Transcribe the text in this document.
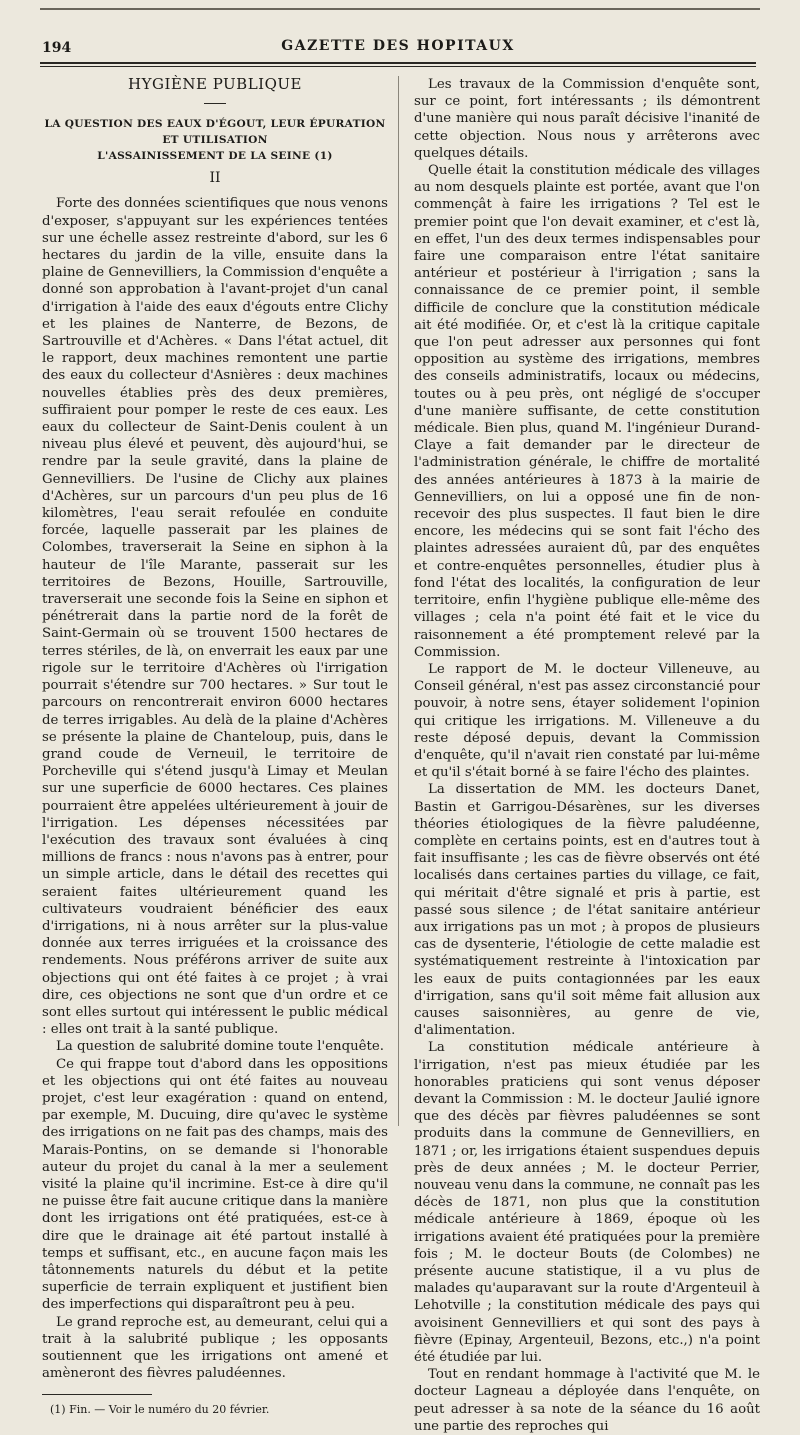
194	GAZETTE DES HOPITAUX
HYGIÈNE PUBLIQUE
LA QUESTION DES EAUX D'ÉGOUT, LEUR ÉPURATION ET UTILISATION
L'ASSAINISSEMENT DE LA SEINE (1)
II

Forte des données scientifiques que nous venons d'exposer, s'appuyant sur les expériences tentées sur une échelle assez restreinte d'abord, sur les 6 hectares du jardin de la ville, ensuite dans la plaine de Gennevilliers, la Commission d'enquête a donné son approbation à l'avant-projet d'un canal d'irrigation à l'aide des eaux d'égouts entre Clichy et les plaines de Nanterre, de Bezons, de Sartrouville et d'Achères. « Dans l'état actuel, dit le rapport, deux machines remontent une partie des eaux du collecteur d'Asnières : deux machines nouvelles établies près des deux premières, suffiraient pour pomper le reste de ces eaux. Les eaux du collecteur de Saint-Denis coulent à un niveau plus élevé et peuvent, dès aujourd'hui, se rendre par la seule gravité, dans la plaine de Gennevilliers. De l'usine de Clichy aux plaines d'Achères, sur un parcours d'un peu plus de 16 kilomètres, l'eau serait refoulée en conduite forcée, laquelle passerait par les plaines de Colombes, traverserait la Seine en siphon à la hauteur de l'île Marante, passerait sur les territoires de Bezons, Houille, Sartrouville, traverserait une seconde fois la Seine en siphon et pénétrerait dans la partie nord de la forêt de Saint-Germain où se trouvent 1500 hectares de terres stériles, de là, on enverrait les eaux par une rigole sur le territoire d'Achères où l'irrigation pourrait s'étendre sur 700 hectares. » Sur tout le parcours on rencontrerait environ 6000 hectares de terres irrigables. Au delà de la plaine d'Achères se présente la plaine de Chanteloup, puis, dans le grand coude de Verneuil, le territoire de Porcheville qui s'étend jusqu'à Limay et Meulan sur une superficie de 6000 hectares. Ces plaines pourraient être appelées ultérieurement à jouir de l'irrigation. Les dépenses nécessitées par l'exécution des travaux sont évaluées à cinq millions de francs : nous n'avons pas à entrer, pour un simple article, dans le détail des recettes qui seraient faites ultérieurement quand les cultivateurs voudraient bénéficier des eaux d'irrigations, ni à nous arrêter sur la plus-value donnée aux terres irriguées et la croissance des rendements. Nous préférons arriver de suite aux objections qui ont été faites à ce projet ; à vrai dire, ces objections ne sont que d'un ordre et ce sont elles surtout qui intéressent le public médical : elles ont trait à la santé publique.

La question de salubrité domine toute l'enquête.

Ce qui frappe tout d'abord dans les oppositions et les objections qui ont été faites au nouveau projet, c'est leur exagération : quand on entend, par exemple, M. Ducuing, dire qu'avec le système des irrigations on ne fait pas des champs, mais des Marais-Pontins, on se demande si l'honorable auteur du projet du canal à la mer a seulement visité la plaine qu'il incrimine. Est-ce à dire qu'il ne puisse être fait aucune critique dans la manière dont les irrigations ont été pratiquées, est-ce à dire que le drainage ait été partout installé à temps et suffisant, etc., en aucune façon mais les tâtonnements naturels du début et la petite superficie de terrain expliquent et justifient bien des imperfections qui disparaîtront peu à peu.

Le grand reproche est, au demeurant, celui qui a trait à la salubrité publique ; les opposants soutiennent que les irrigations ont amené et amèneront des fièvres paludéennes.

(1) Fin. — Voir le numéro du 20 février.

Les travaux de la Commission d'enquête sont, sur ce point, fort intéressants ; ils démontrent d'une manière qui nous paraît décisive l'inanité de cette objection. Nous nous y arrêterons avec quelques détails.

Quelle était la constitution médicale des villages au nom desquels plainte est portée, avant que l'on commençât à faire les irrigations ? Tel est le premier point que l'on devait examiner, et c'est là, en effet, l'un des deux termes indispensables pour faire une comparaison entre l'état sanitaire antérieur et postérieur à l'irrigation ; sans la connaissance de ce premier point, il semble difficile de conclure que la constitution médicale ait été modifiée. Or, et c'est là la critique capitale que l'on peut adresser aux personnes qui font opposition au système des irrigations, membres des conseils administratifs, locaux ou médecins, toutes ou à peu près, ont négligé de s'occuper d'une manière suffisante, de cette constitution médicale. Bien plus, quand M. l'ingénieur Durand-Claye a fait demander par le directeur de l'administration générale, le chiffre de mortalité des années antérieures à 1873 à la mairie de Gennevilliers, on lui a opposé une fin de non-recevoir des plus suspectes. Il faut bien le dire encore, les médecins qui se sont fait l'écho des plaintes adressées auraient dû, par des enquêtes et contre-enquêtes personnelles, étudier plus à fond l'état des localités, la configuration de leur territoire, enfin l'hygiène publique elle-même des villages ; cela n'a point été fait et le vice du raisonnement a été promptement relevé par la Commission.

Le rapport de M. le docteur Villeneuve, au Conseil général, n'est pas assez circonstancié pour pouvoir, à notre sens, étayer solidement l'opinion qui critique les irrigations. M. Villeneuve a du reste déposé depuis, devant la Commission d'enquête, qu'il n'avait rien constaté par lui-même et qu'il s'était borné à se faire l'écho des plaintes.

La dissertation de MM. les docteurs Danet, Bastin et Garrigou-Désarènes, sur les diverses théories étiologiques de la fièvre paludéenne, complète en certains points, est en d'autres tout à fait insuffisante ; les cas de fièvre observés ont été localisés dans certaines parties du village, ce fait, qui méritait d'être signalé et pris à partie, est passé sous silence ; de l'état sanitaire antérieur aux irrigations pas un mot ; à propos de plusieurs cas de dysenterie, l'étiologie de cette maladie est systématiquement restreinte à l'intoxication par les eaux de puits contagionnées par les eaux d'irrigation, sans qu'il soit même fait allusion aux causes saisonnières, au genre de vie, d'alimentation.

La constitution médicale antérieure à l'irrigation, n'est pas mieux étudiée par les honorables praticiens qui sont venus déposer devant la Commission : M. le docteur Jaulié ignore que des décès par fièvres paludéennes se sont produits dans la commune de Gennevilliers, en 1871 ; or, les irrigations étaient suspendues depuis près de deux années ; M. le docteur Perrier, nouveau venu dans la commune, ne connaît pas les décès de 1871, non plus que la constitution médicale antérieure à 1869, époque où les irrigations avaient été pratiquées pour la première fois ; M. le docteur Bouts (de Colombes) ne présente aucune statistique, il a vu plus de malades qu'auparavant sur la route d'Argenteuil à Lehotville ; la constitution médicale des pays qui avoisinent Gennevilliers et qui sont des pays à fièvre (Epinay, Argenteuil, Bezons, etc.,) n'a point été étudiée par lui.

Tout en rendant hommage à l'activité que M. le docteur Lagneau a déployée dans l'enquête, on peut adresser à sa note de la séance du 16 août une partie des reproches qui
